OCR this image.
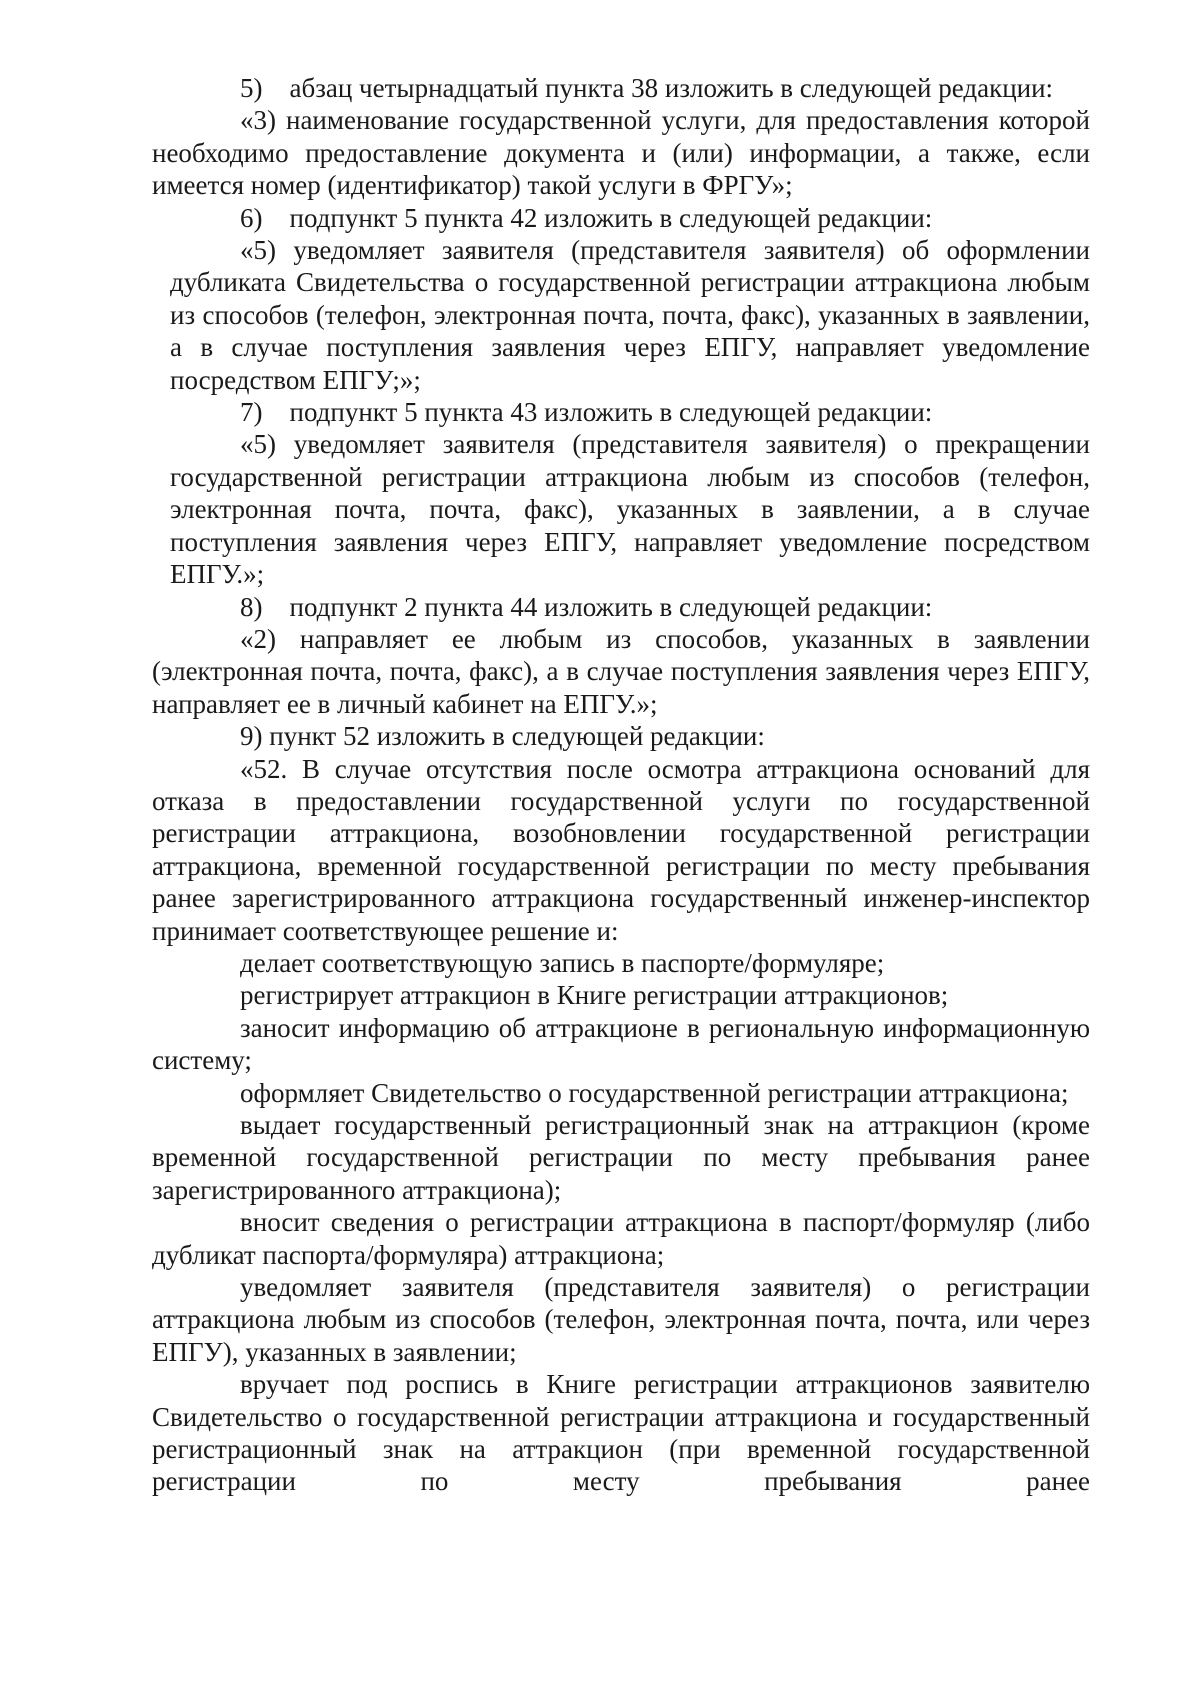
5)    абзац четырнадцатый пункта 38 изложить в следующей редакции:

«3) наименование государственной услуги, для предоставления которой необходимо предоставление документа и (или) информации, а также, если имеется номер (идентификатор) такой услуги в ФРГУ»;

6)    подпункт 5 пункта 42 изложить в следующей редакции:

«5) уведомляет заявителя (представителя заявителя) об оформлении дубликата Свидетельства о государственной регистрации аттракциона любым из способов (телефон, электронная почта, почта, факс), указанных в заявлении, а в случае поступления заявления через ЕПГУ, направляет уведомление посредством ЕПГУ;»;

7)    подпункт 5 пункта 43 изложить в следующей редакции:

«5) уведомляет заявителя (представителя заявителя) о прекращении государственной регистрации аттракциона любым из способов (телефон, электронная почта, почта, факс), указанных в заявлении, а в случае поступления заявления через ЕПГУ, направляет уведомление посредством ЕПГУ.»;

8)    подпункт 2 пункта 44 изложить в следующей редакции:

«2) направляет ее любым из способов, указанных в заявлении (электронная почта, почта, факс), а в случае поступления заявления через ЕПГУ, направляет ее в личный кабинет на ЕПГУ.»;

9) пункт 52 изложить в следующей редакции:

«52. В случае отсутствия после осмотра аттракциона оснований для отказа в предоставлении государственной услуги по государственной регистрации аттракциона, возобновлении государственной регистрации аттракциона, временной государственной регистрации по месту пребывания ранее зарегистрированного аттракциона государственный инженер-инспектор принимает соответствующее решение и:

делает соответствующую запись в паспорте/формуляре;

регистрирует аттракцион в Книге регистрации аттракционов;

заносит информацию об аттракционе в региональную информационную систему;

оформляет Свидетельство о государственной регистрации аттракциона;

выдает государственный регистрационный знак на аттракцион (кроме временной государственной регистрации по месту пребывания ранее зарегистрированного аттракциона);

вносит сведения о регистрации аттракциона в паспорт/формуляр (либо дубликат паспорта/формуляра) аттракциона;

уведомляет заявителя (представителя заявителя) о регистрации аттракциона любым из способов (телефон, электронная почта, почта, или через ЕПГУ), указанных в заявлении;

вручает под роспись в Книге регистрации аттракционов заявителю Свидетельство о государственной регистрации аттракциона и государственный регистрационный знак на аттракцион (при временной государственной регистрации по месту пребывания ранее
